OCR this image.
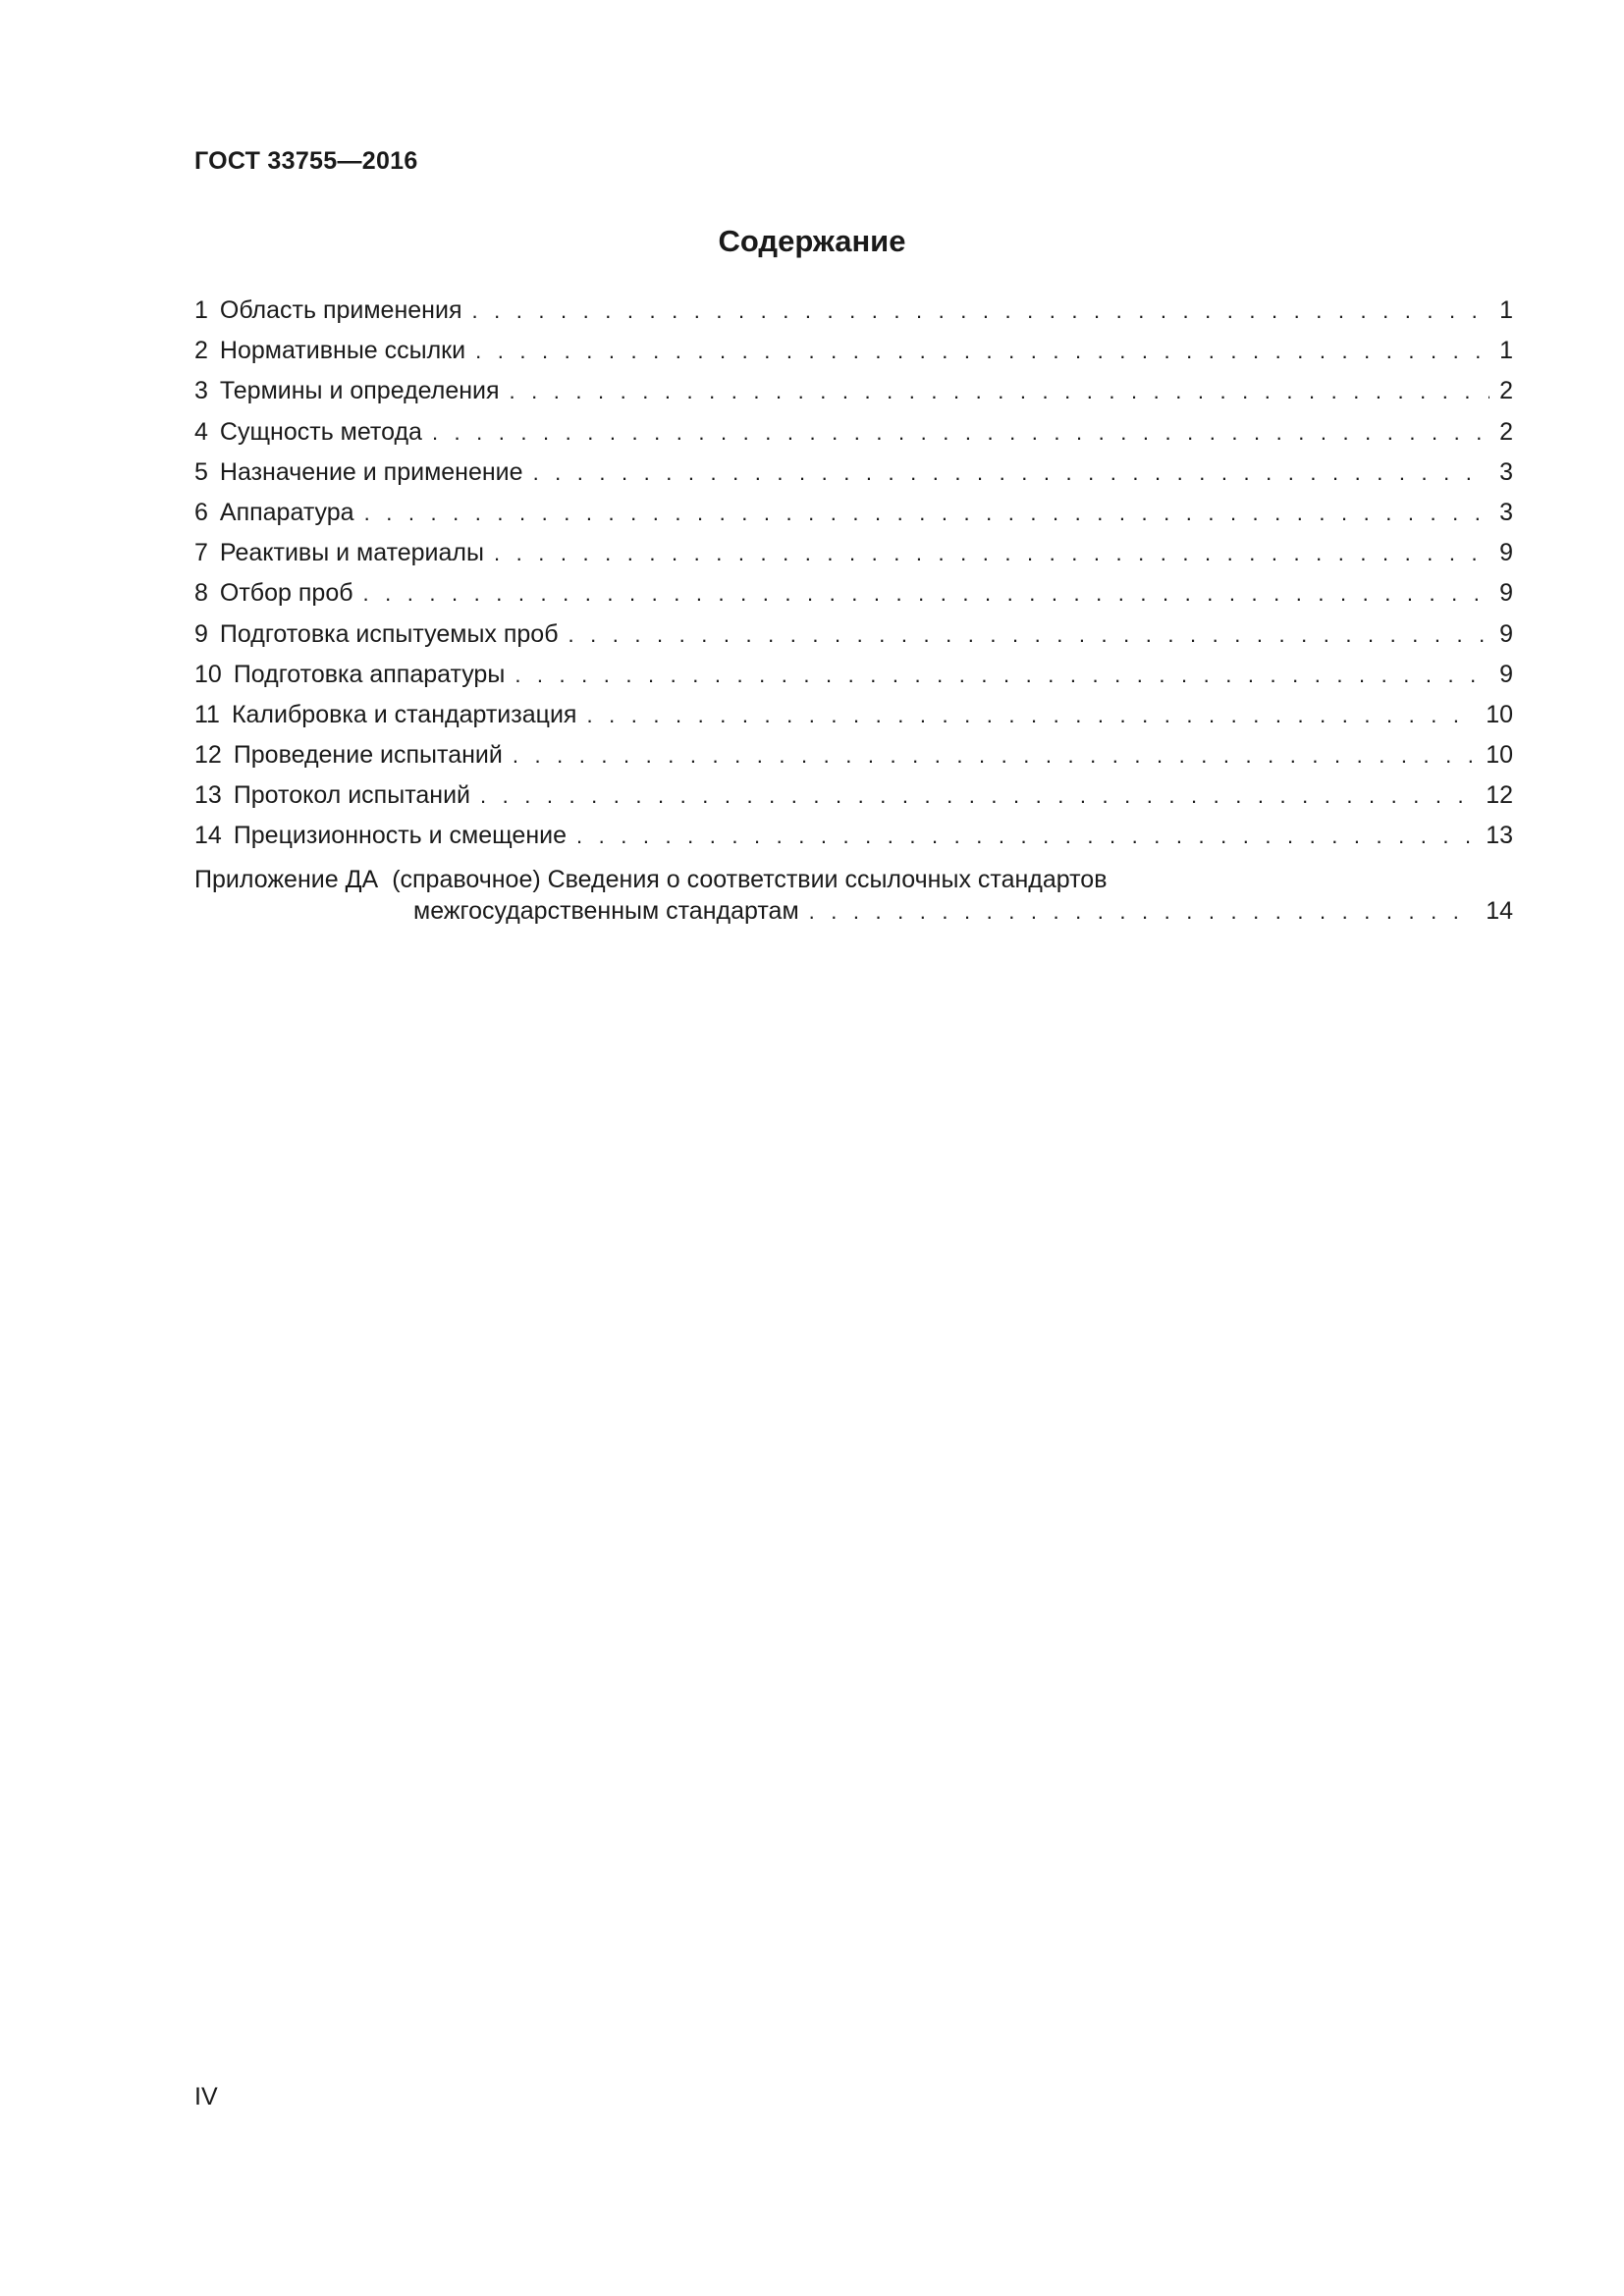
ГОСТ 33755—2016
Содержание
1 Область применения . . .	1
2 Нормативные ссылки . . .	1
3 Термины и определения . . .	2
4 Сущность метода . . .	2
5 Назначение и применение . . .	3
6 Аппаратура . . .	3
7 Реактивы и материалы . . .	9
8 Отбор проб . . .	9
9 Подготовка испытуемых проб . . .	9
10 Подготовка аппаратуры . . .	9
11 Калибровка и стандартизация . . .	10
12 Проведение испытаний . . .	10
13 Протокол испытаний . . .	12
14 Прецизионность и смещение . . .	13
Приложение ДА (справочное) Сведения о соответствии ссылочных стандартов
межгосударственным стандартам . . .	14
IV
